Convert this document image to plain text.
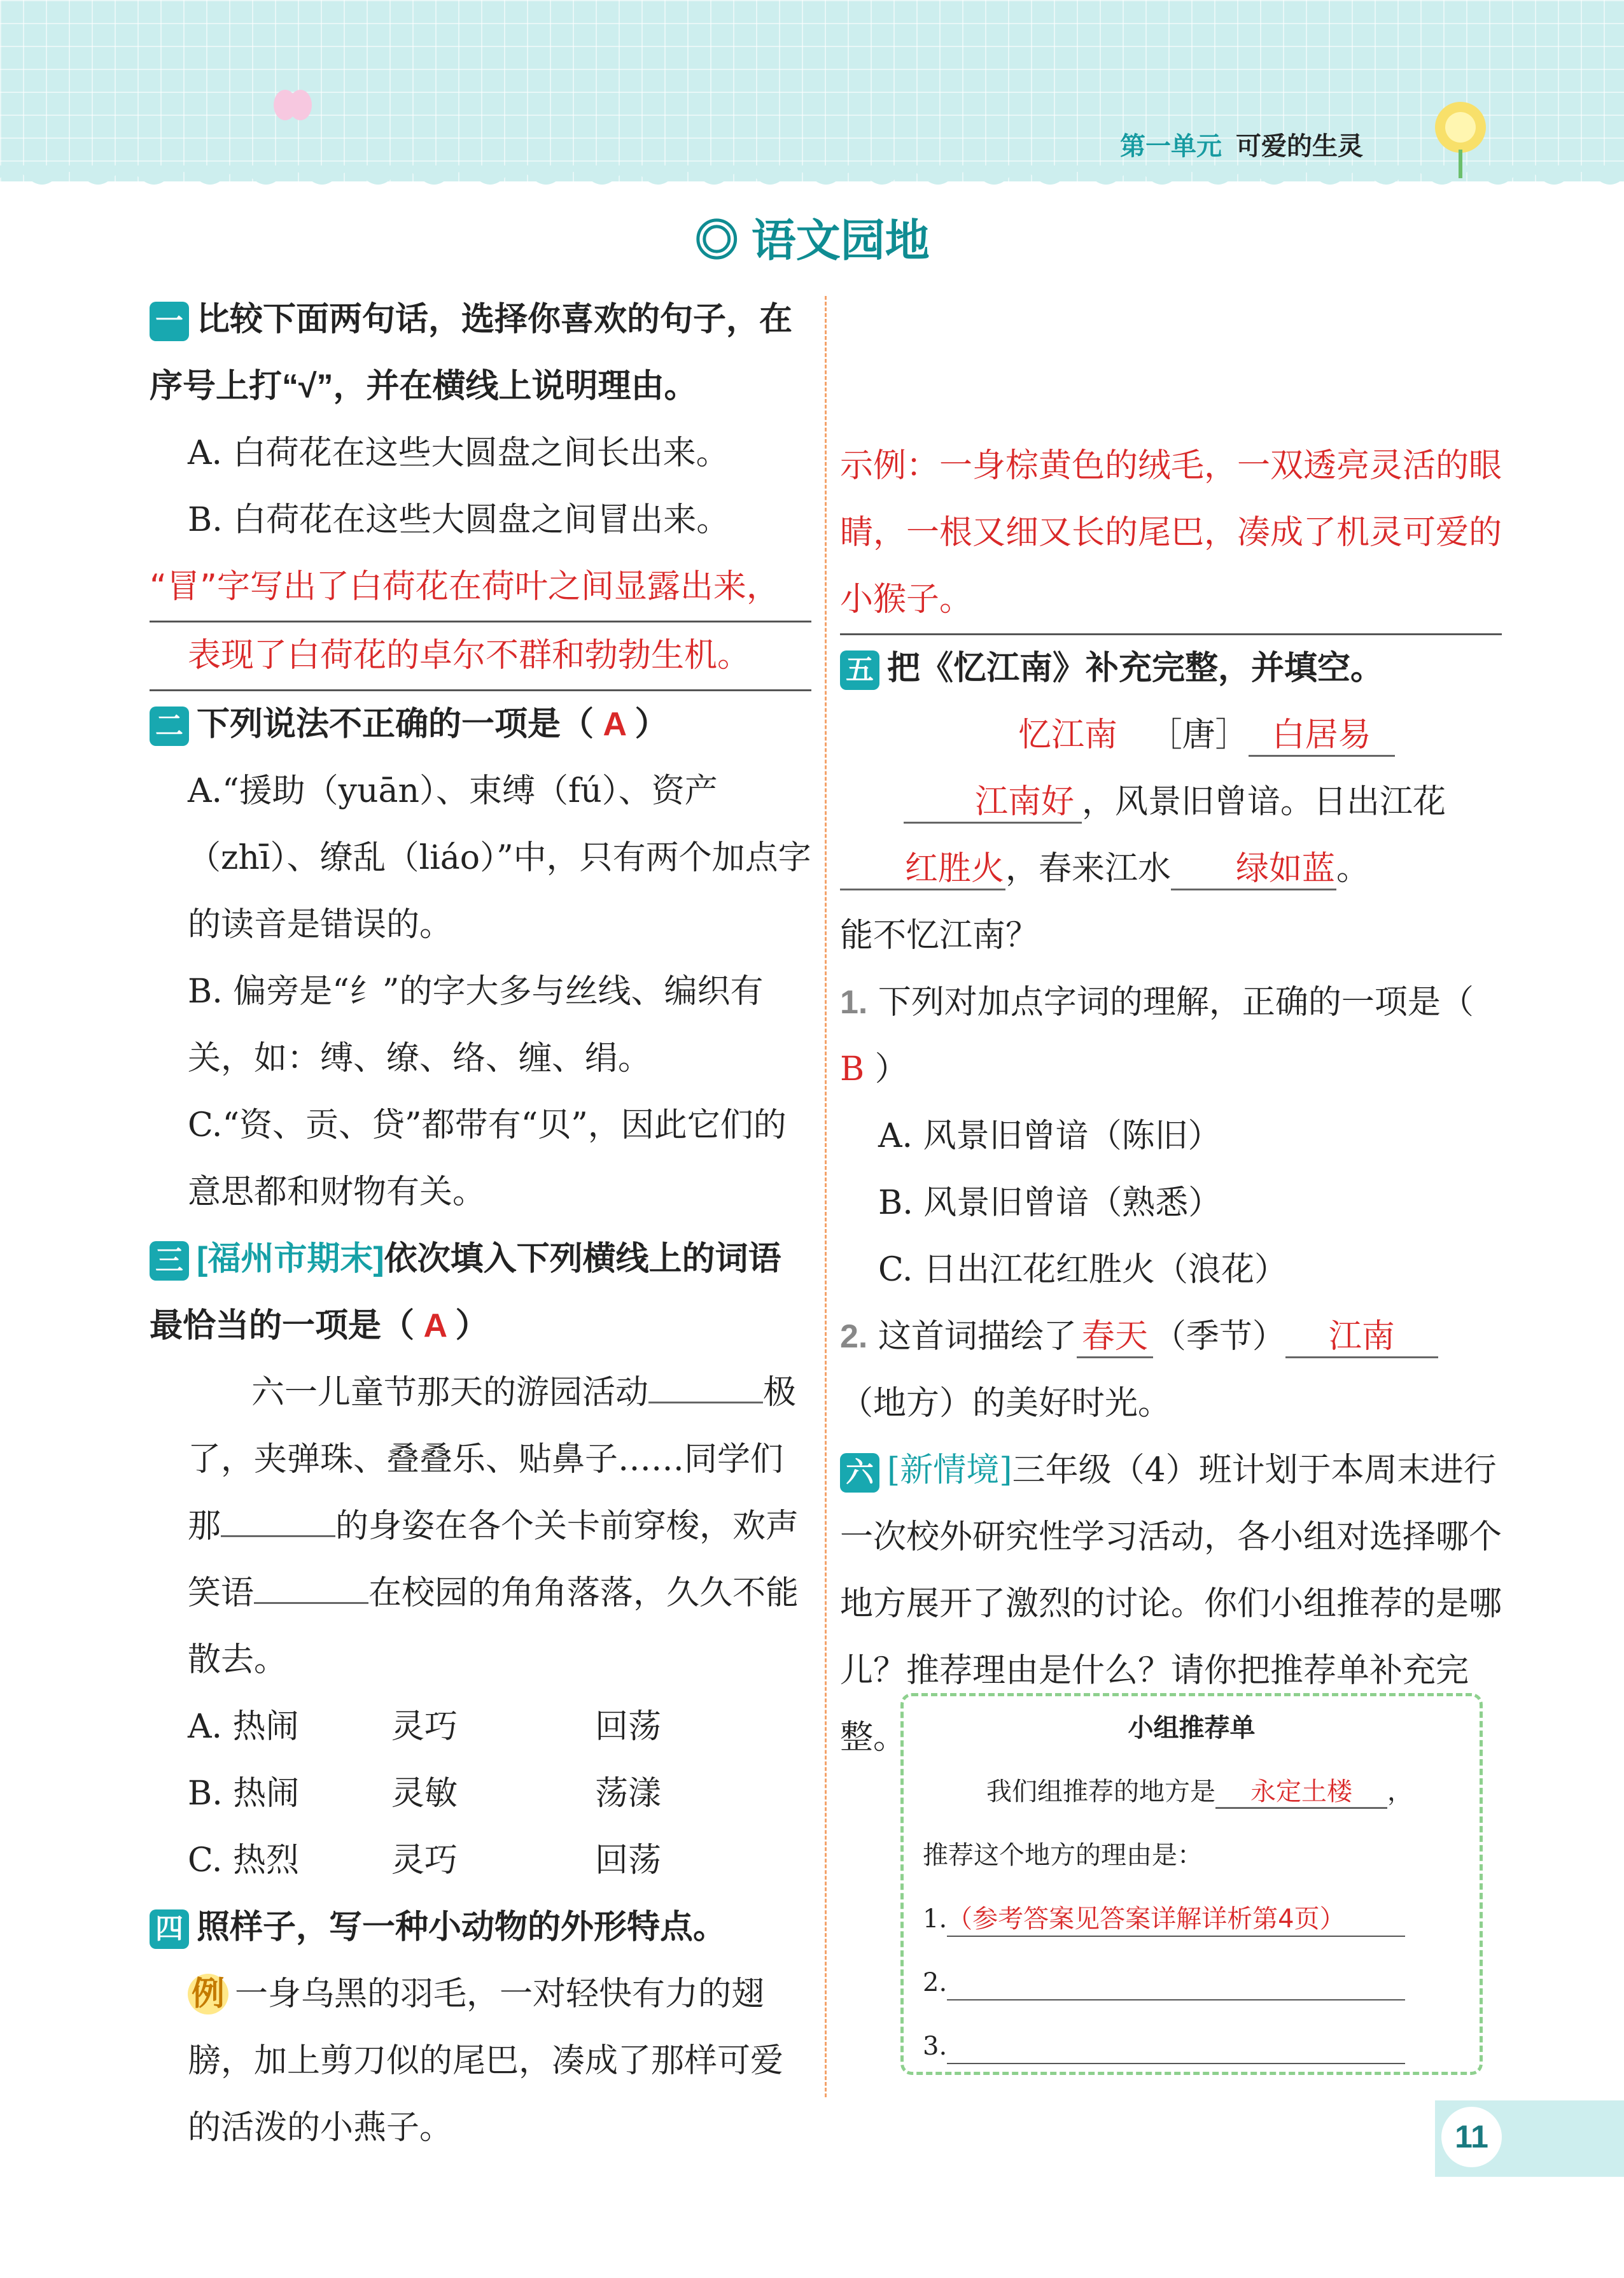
第一单元 可爱的生灵
◎ 语文园地
一 比较下面两句话，选择你喜欢的句子，在序号上打“√”，并在横线上说明理由。
A. 白荷花在这些大圆盘之间长出来。
B. 白荷花在这些大圆盘之间冒出来。
“冒”字写出了白荷花在荷叶之间显露出来，
表现了白荷花的卓尔不群和勃勃生机。
二 下列说法不正确的一项是（ A ）
A.“援助（yuān）、束缚（fú）、资产（zhī）、缭乱（liáo）”中，只有两个加点字的读音是错误的。
B. 偏旁是“纟”的字大多与丝线、编织有关，如：缚、缭、络、缠、绢。
C.“资、贡、贷”都带有“贝”，因此它们的意思都和财物有关。
三 [福州市期末]依次填入下列横线上的词语最恰当的一项是（ A ）
六一儿童节那天的游园活动	极了，夹弹珠、叠叠乐、贴鼻子……同学们那	的身姿在各个关卡前穿梭，欢声笑语	在校园的角角落落，久久不能散去。
A. 热闹	灵巧	回荡
B. 热闹	灵敏	荡漾
C. 热烈	灵巧	回荡
四 照样子，写一种小动物的外形特点。
例 一身乌黑的羽毛，一对轻快有力的翅膀，加上剪刀似的尾巴，凑成了那样可爱的活泼的小燕子。
示例：一身棕黄色的绒毛，一双透亮灵活的眼睛，一根又细又长的尾巴，凑成了机灵可爱的小猴子。
五 把《忆江南》补充完整，并填空。
忆江南 ［唐］ 白居易
江南好 ，风景旧曾谙。日出江花红胜火，春来江水 绿如蓝。
能不忆江南？
1. 下列对加点字词的理解，正确的一项是（ B ）
A. 风景旧曾谙（陈旧）
B. 风景旧曾谙（熟悉）
C. 日出江花红胜火（浪花）
2. 这首词描绘了 春天 （季节） 江南（地方）的美好时光。
六 [新情境]三年级（4）班计划于本周末进行一次校外研究性学习活动，各小组对选择哪个地方展开了激烈的讨论。你们小组推荐的是哪儿？推荐理由是什么？请你把推荐单补充完整。	小组推荐单
我们组推荐的地方是 永定土楼 ，
推荐这个地方的理由是：
1.（参考答案见答案详解详析第4页）
2.
3.
11
